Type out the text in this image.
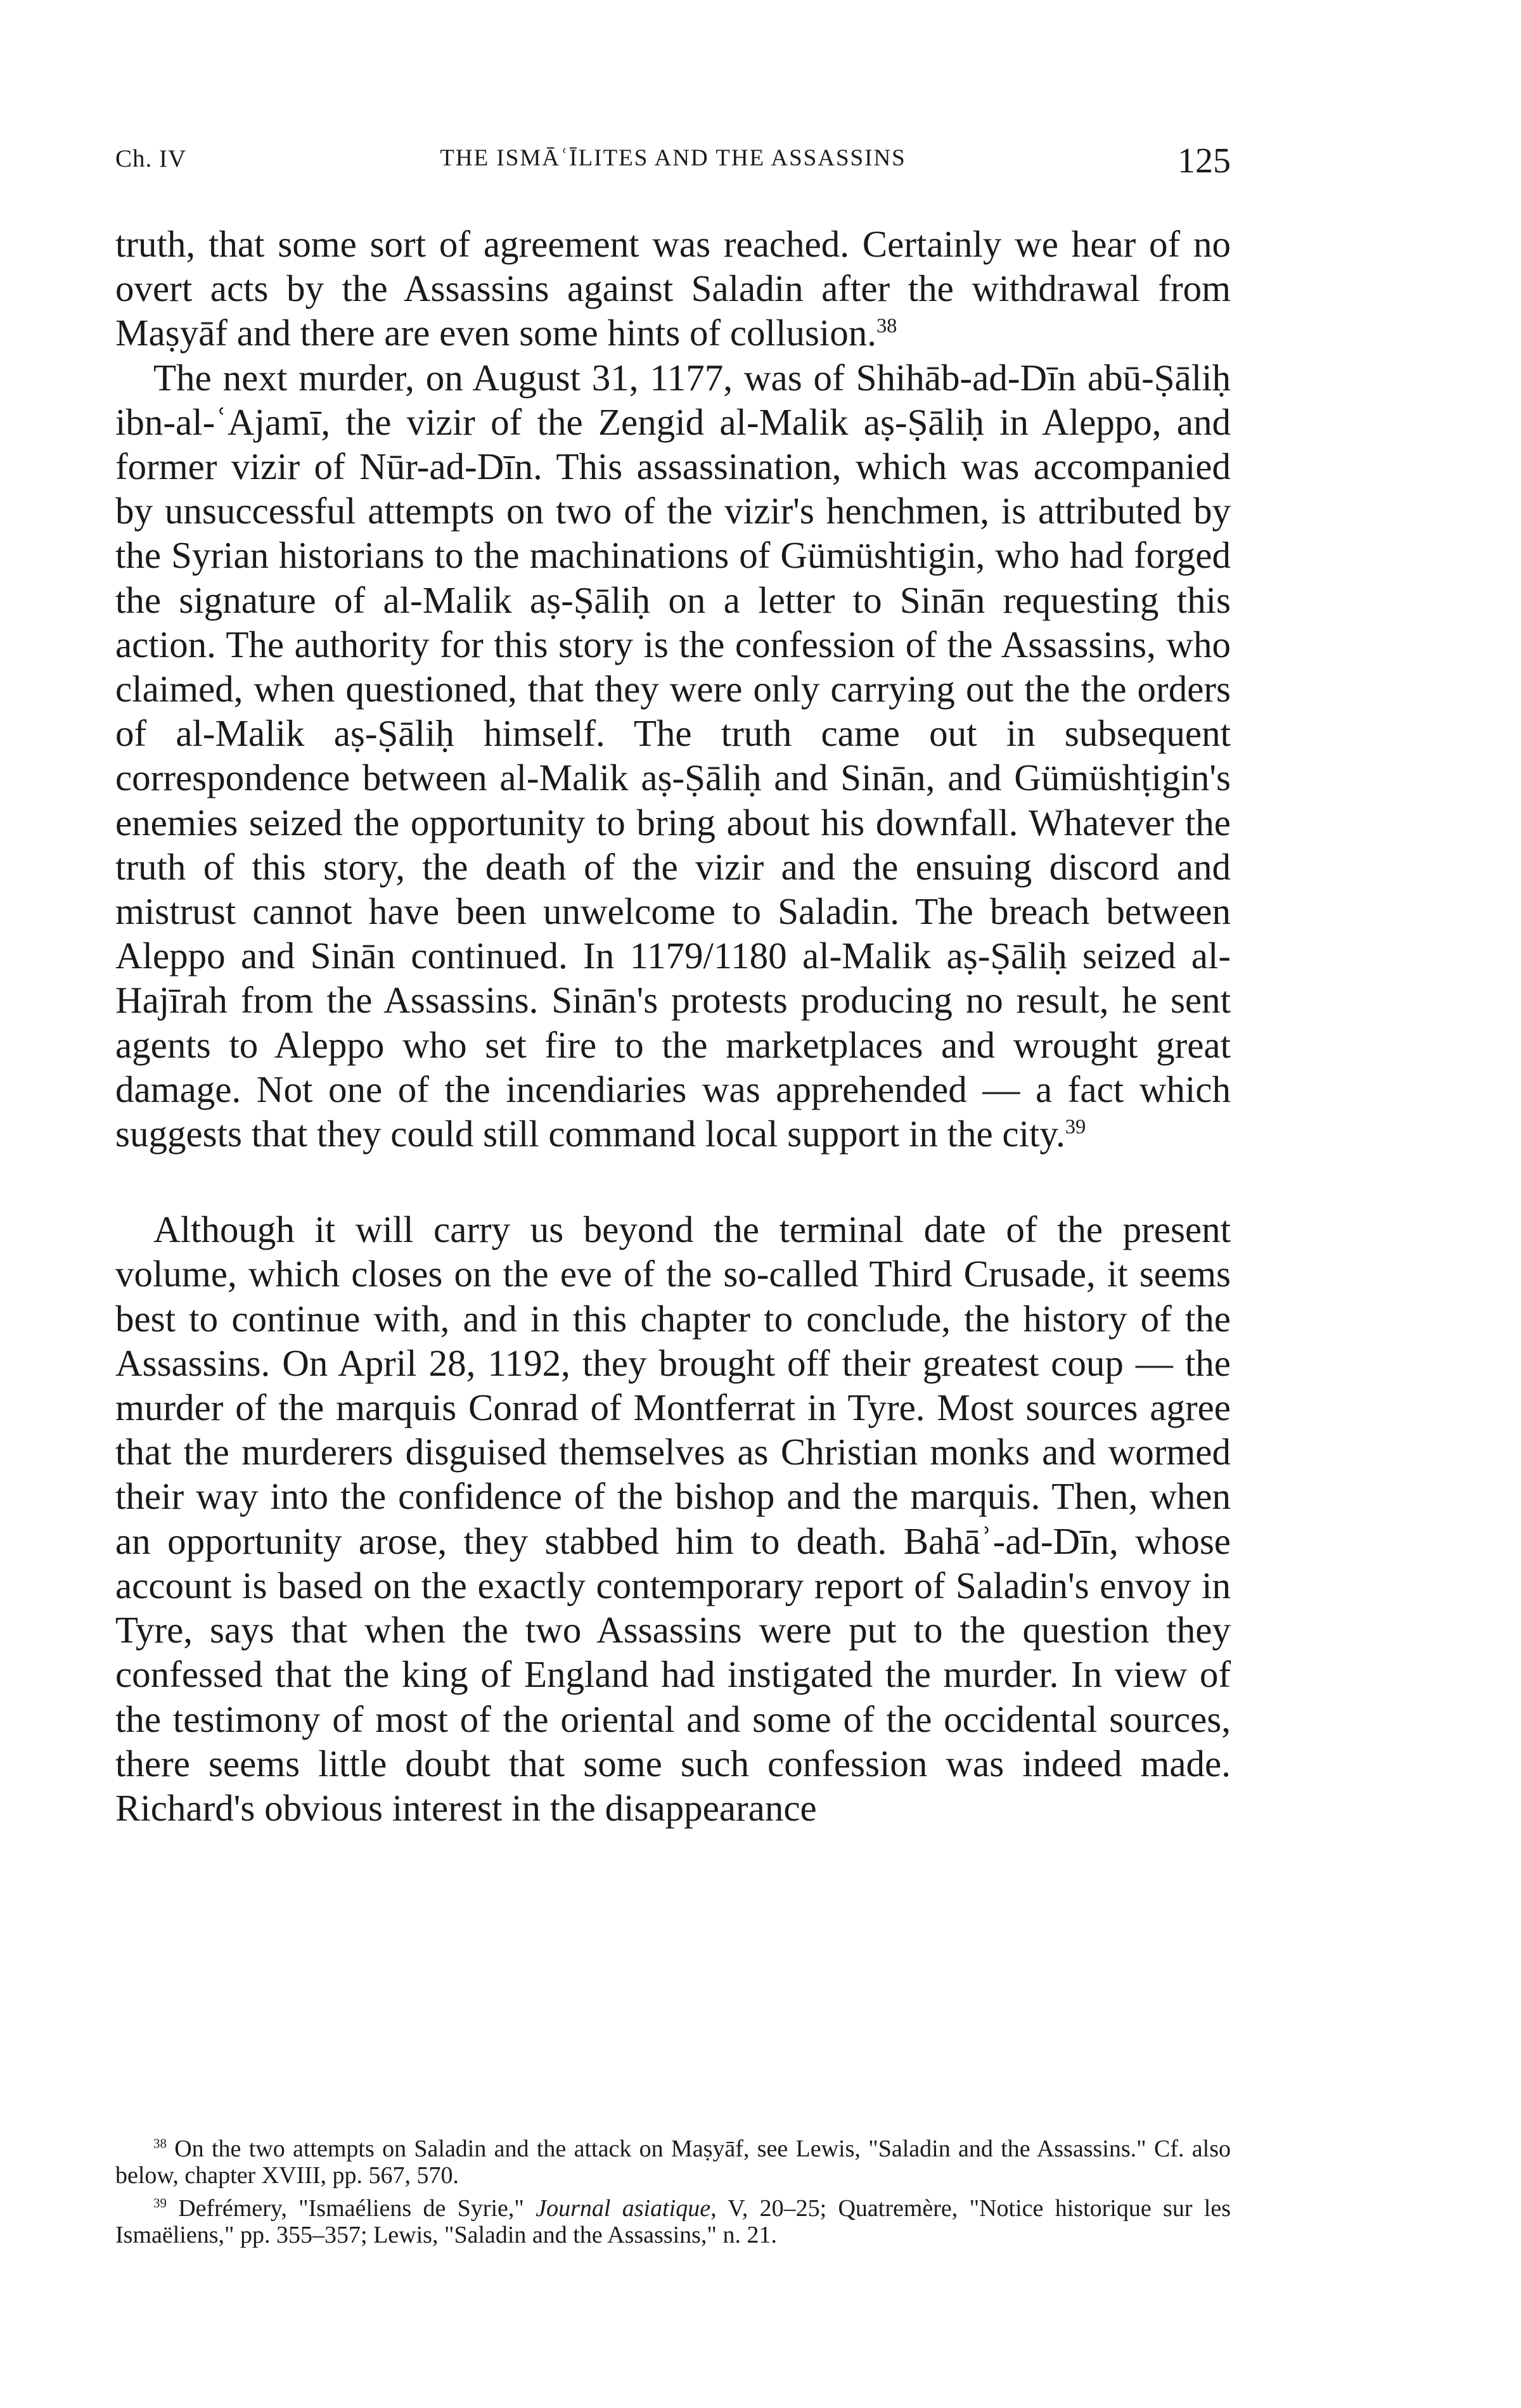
Ch. IV	THE ISMĀʿĪLITES AND THE ASSASSINS	125

truth, that some sort of agreement was reached. Certainly we hear of no overt acts by the Assassins against Saladin after the withdrawal from Maṣyāf and there are even some hints of collusion.$^{38}$

The next murder, on August 31, 1177, was of Shihāb-ad-Dīn abū-Ṣāliḥ ibn-al-ʿAjamī, the vizir of the Zengid al-Malik aṣ-Ṣāliḥ in Aleppo, and former vizir of Nūr-ad-Dīn. This assassination, which was accompanied by unsuccessful attempts on two of the vizir's henchmen, is attributed by the Syrian historians to the machinations of Gümüshtigin, who had forged the signature of al-Malik aṣ-Ṣāliḥ on a letter to Sinān requesting this action. The authority for this story is the confession of the Assassins, who claimed, when questioned, that they were only carrying out the the orders of al-Malik aṣ-Ṣāliḥ himself. The truth came out in subsequent correspondence between al-Malik aṣ-Ṣāliḥ and Sinān, and Gümüshṭigin's enemies seized the opportunity to bring about his downfall. Whatever the truth of this story, the death of the vizir and the ensuing discord and mistrust cannot have been unwelcome to Saladin. The breach between Aleppo and Sinān continued. In 1179/1180 al-Malik aṣ-Ṣāliḥ seized al-Hajīrah from the Assassins. Sinān's protests producing no result, he sent agents to Aleppo who set fire to the marketplaces and wrought great damage. Not one of the incendiaries was apprehended — a fact which suggests that they could still command local support in the city.$^{39}$

Although it will carry us beyond the terminal date of the present volume, which closes on the eve of the so-called Third Crusade, it seems best to continue with, and in this chapter to conclude, the history of the Assassins. On April 28, 1192, they brought off their greatest coup — the murder of the marquis Conrad of Montferrat in Tyre. Most sources agree that the murderers disguised themselves as Christian monks and wormed their way into the confidence of the bishop and the marquis. Then, when an opportunity arose, they stabbed him to death. Bahāʾ-ad-Dīn, whose account is based on the exactly contemporary report of Saladin's envoy in Tyre, says that when the two Assassins were put to the question they confessed that the king of England had instigated the murder. In view of the testimony of most of the oriental and some of the occidental sources, there seems little doubt that some such confession was indeed made. Richard's obvious interest in the disappearance

$^{38}$ On the two attempts on Saladin and the attack on Maṣyāf, see Lewis, "Saladin and the Assassins." Cf. also below, chapter XVIII, pp. 567, 570.

$^{39}$ Defrémery, "Ismaéliens de Syrie," Journal asiatique, V, 20–25; Quatremère, "Notice historique sur les Ismaëliens," pp. 355–357; Lewis, "Saladin and the Assassins," n. 21.
